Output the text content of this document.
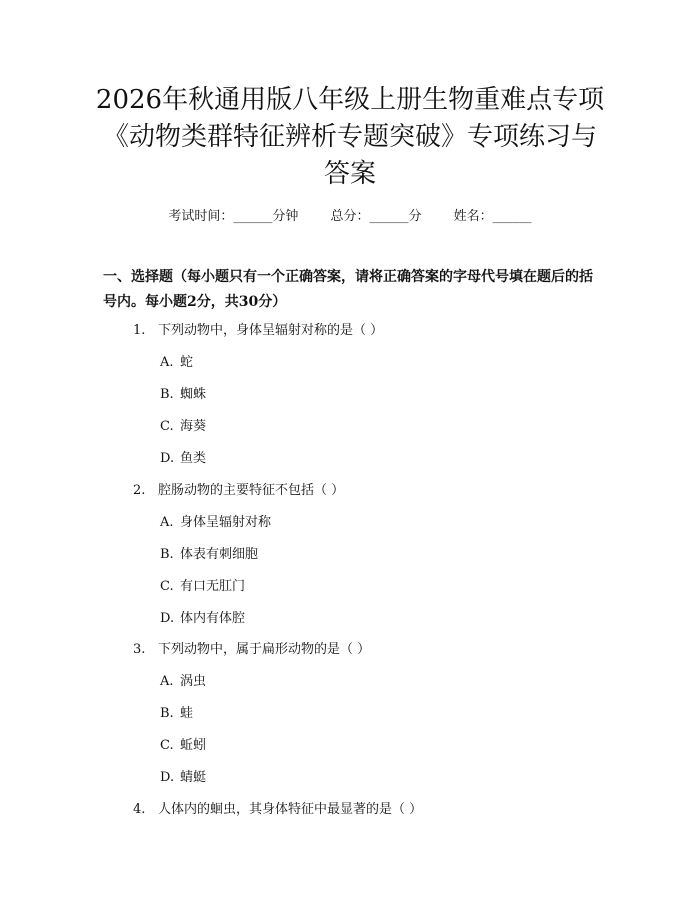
2026年秋通用版八年级上册生物重难点专项
《动物类群特征辨析专题突破》专项练习与
答案
考试时间：______分钟 总分：______分 姓名：______

一、选择题（每小题只有一个正确答案，请将正确答案的字母代号填在题后的括号内。每小题2分，共30分）

1. 下列动物中，身体呈辐射对称的是（ ）
A. 蛇
B. 蜘蛛
C. 海葵
D. 鱼类
2. 腔肠动物的主要特征不包括（ ）
A. 身体呈辐射对称
B. 体表有刺细胞
C. 有口无肛门
D. 体内有体腔
3. 下列动物中，属于扁形动物的是（ ）
A. 涡虫
B. 蛙
C. 蚯蚓
D. 蜻蜓
4. 人体内的蛔虫，其身体特征中最显著的是（ ）
